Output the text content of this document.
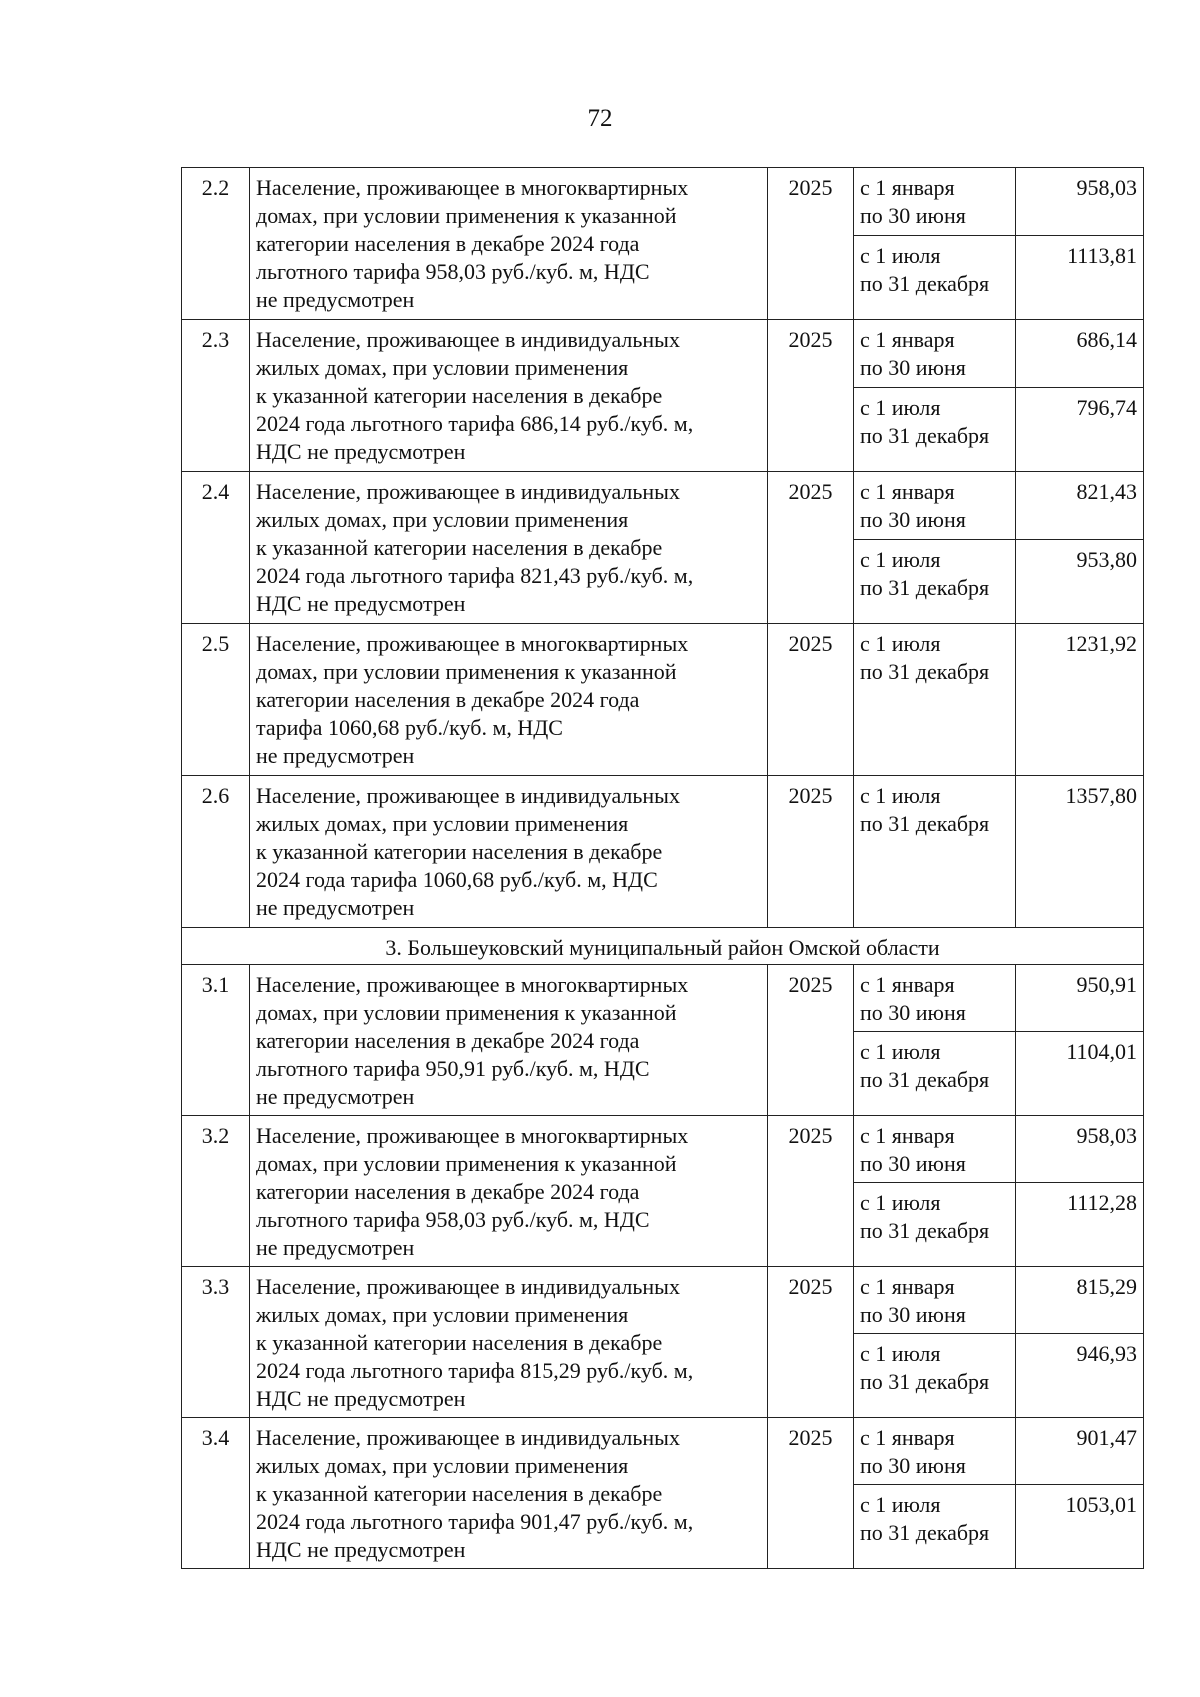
72
2.2	Население, проживающее в многоквартирных
домах, при условии применения к указанной
категории населения в декабре 2024 года
льготного тарифа 958,03 руб./куб. м, НДС
не предусмотрен	2025	с 1 января
по 30 июня	958,03

			с 1 июля
по 31 декабря	1113,81
2.3	Население, проживающее в индивидуальных
жилых домах, при условии применения
к указанной категории населения в декабре
2024 года льготного тарифа 686,14 руб./куб. м,
НДС не предусмотрен	2025	с 1 января
по 30 июня	686,14

			с 1 июля
по 31 декабря	796,74
2.4	Население, проживающее в индивидуальных
жилых домах, при условии применения
к указанной категории населения в декабре
2024 года льготного тарифа 821,43 руб./куб. м,
НДС не предусмотрен	2025	с 1 января
по 30 июня	821,43

			с 1 июля
по 31 декабря	953,80
2.5	Население, проживающее в многоквартирных
домах, при условии применения к указанной
категории населения в декабре 2024 года
тарифа 1060,68 руб./куб. м, НДС
не предусмотрен	2025	с 1 июля
по 31 декабря	1231,92
2.6	Население, проживающее в индивидуальных
жилых домах, при условии применения
к указанной категории населения в декабре
2024 года тарифа 1060,68 руб./куб. м, НДС
не предусмотрен	2025	с 1 июля
по 31 декабря	1357,80
3. Большеуковский муниципальный район Омской области				
3.1	Население, проживающее в многоквартирных
домах, при условии применения к указанной
категории населения в декабре 2024 года
льготного тарифа 950,91 руб./куб. м, НДС
не предусмотрен	2025	с 1 января
по 30 июня	950,91

			с 1 июля
по 31 декабря	1104,01
3.2	Население, проживающее в многоквартирных
домах, при условии применения к указанной
категории населения в декабре 2024 года
льготного тарифа 958,03 руб./куб. м, НДС
не предусмотрен	2025	с 1 января
по 30 июня	958,03

			с 1 июля
по 31 декабря	1112,28
3.3	Население, проживающее в индивидуальных
жилых домах, при условии применения
к указанной категории населения в декабре
2024 года льготного тарифа 815,29 руб./куб. м,
НДС не предусмотрен	2025	с 1 января
по 30 июня	815,29

			с 1 июля
по 31 декабря	946,93
3.4	Население, проживающее в индивидуальных
жилых домах, при условии применения
к указанной категории населения в декабре
2024 года льготного тарифа 901,47 руб./куб. м,
НДС не предусмотрен	2025	с 1 января
по 30 июня	901,47

			с 1 июля
по 31 декабря	1053,01
